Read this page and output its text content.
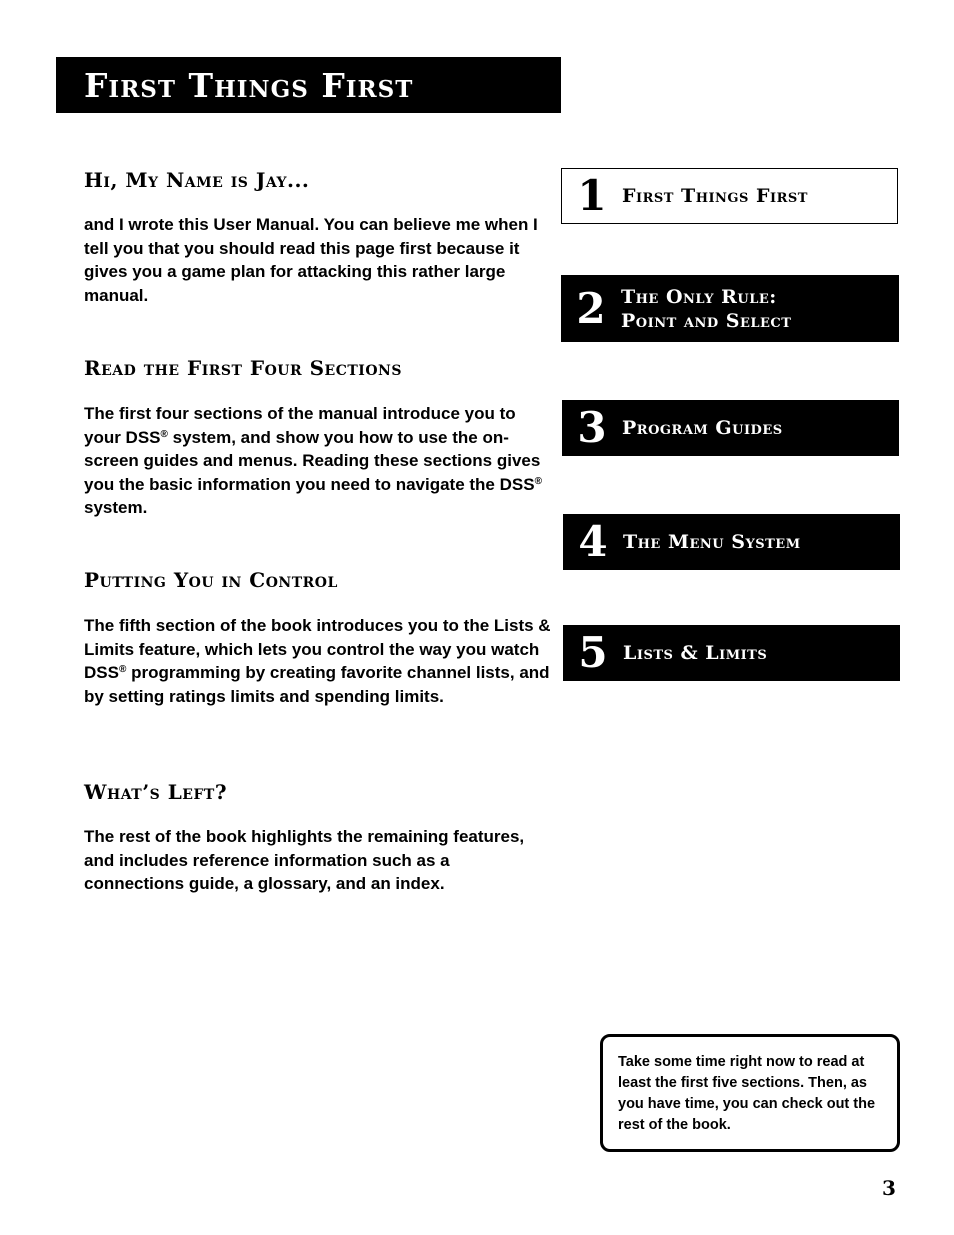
First Things First
Hi, My Name is Jay...

and I wrote this User Manual. You can believe me when I tell you that you should read this page first because it gives you a game plan for attacking this rather large manual.

Read the First Four Sections

The first four sections of the manual introduce you to your DSS® system, and show you how to use the on-screen guides and menus. Reading these sections gives you the basic information you need to navigate the DSS® system.

Putting You in Control

The fifth section of the book introduces you to the Lists & Limits feature, which lets you control the way you watch DSS® programming by creating favorite channel lists, and by setting ratings limits and spending limits.

What’s Left?

The rest of the book highlights the remaining features, and includes reference information such as a connections guide, a glossary, and an index.

1 First Things First
2 The Only Rule:
Point and Select
3 Program Guides
4 The Menu System
5 Lists & Limits
Take some time right now to read at least the first five sections. Then, as you have time, you can check out the rest of the book.
3
